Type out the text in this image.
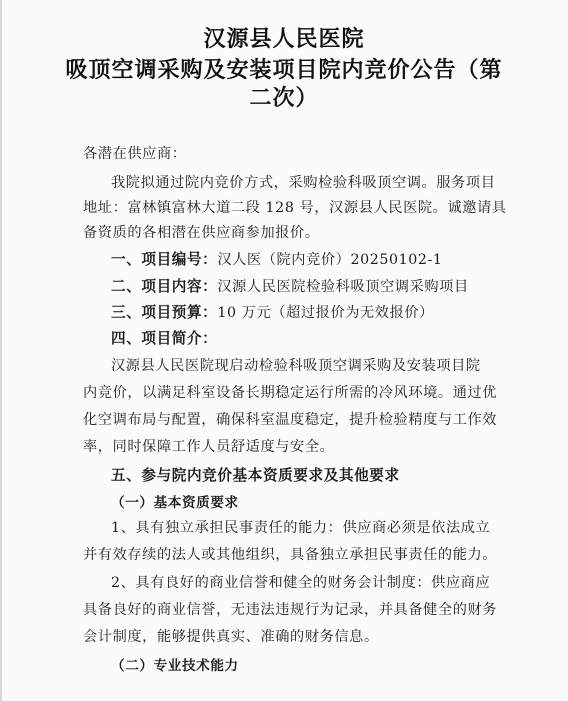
汉源县人民医院
吸顶空调采购及安装项目院内竞价公告（第
二次）
各潜在供应商：
我院拟通过院内竞价方式，采购检验科吸顶空调。服务项目
地址：富林镇富林大道二段 128 号，汉源县人民医院。诚邀请具
备资质的各相潜在供应商参加报价。
一、项目编号：汉人医（院内竞价）20250102-1
二、项目内容：汉源人民医院检验科吸顶空调采购项目
三、项目预算：10 万元（超过报价为无效报价）
四、项目简介：
汉源县人民医院现启动检验科吸顶空调采购及安装项目院
内竞价，以满足科室设备长期稳定运行所需的冷风环境。通过优
化空调布局与配置，确保科室温度稳定，提升检验精度与工作效
率，同时保障工作人员舒适度与安全。
五、参与院内竞价基本资质要求及其他要求
（一）基本资质要求
1、具有独立承担民事责任的能力：供应商必须是依法成立
并有效存续的法人或其他组织，具备独立承担民事责任的能力。
2、具有良好的商业信誉和健全的财务会计制度：供应商应
具备良好的商业信誉，无违法违规行为记录，并具备健全的财务
会计制度，能够提供真实、准确的财务信息。
（二）专业技术能力
